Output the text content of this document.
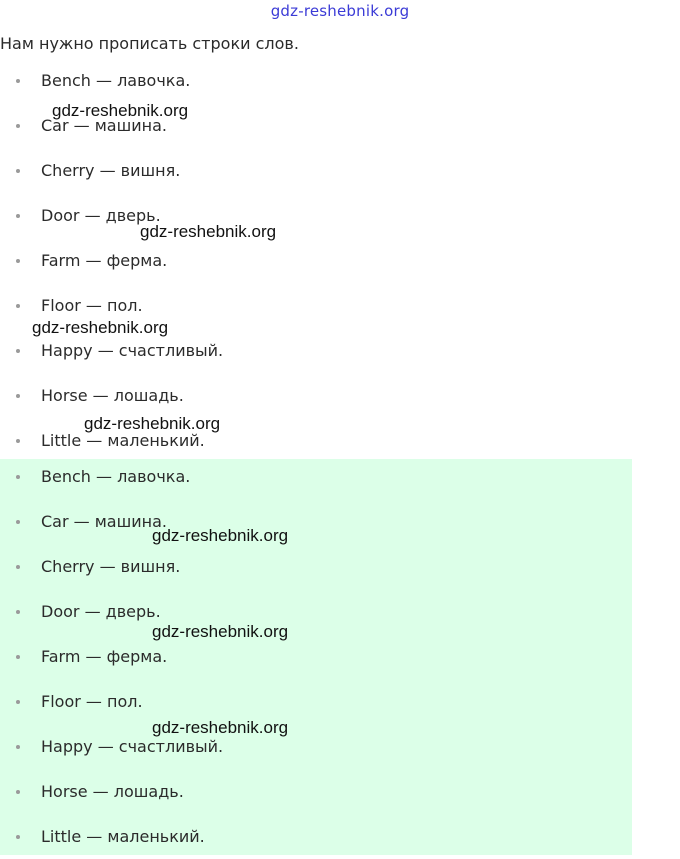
gdz-reshebnik.org
Нам нужно прописать строки слов.
Bench — лавочка.
Car — машина.
Cherry — вишня.
Door — дверь.
Farm — ферма.
Floor — пол.
Happy — счастливый.
Horse — лошадь.
Little — маленький.
Bench — лавочка.
Car — машина.
Cherry — вишня.
Door — дверь.
Farm — ферма.
Floor — пол.
Happy — счастливый.
Horse — лошадь.
Little — маленький.
gdz-reshebnik.org
gdz-reshebnik.org
gdz-reshebnik.org
gdz-reshebnik.org
gdz-reshebnik.org
gdz-reshebnik.org
gdz-reshebnik.org
